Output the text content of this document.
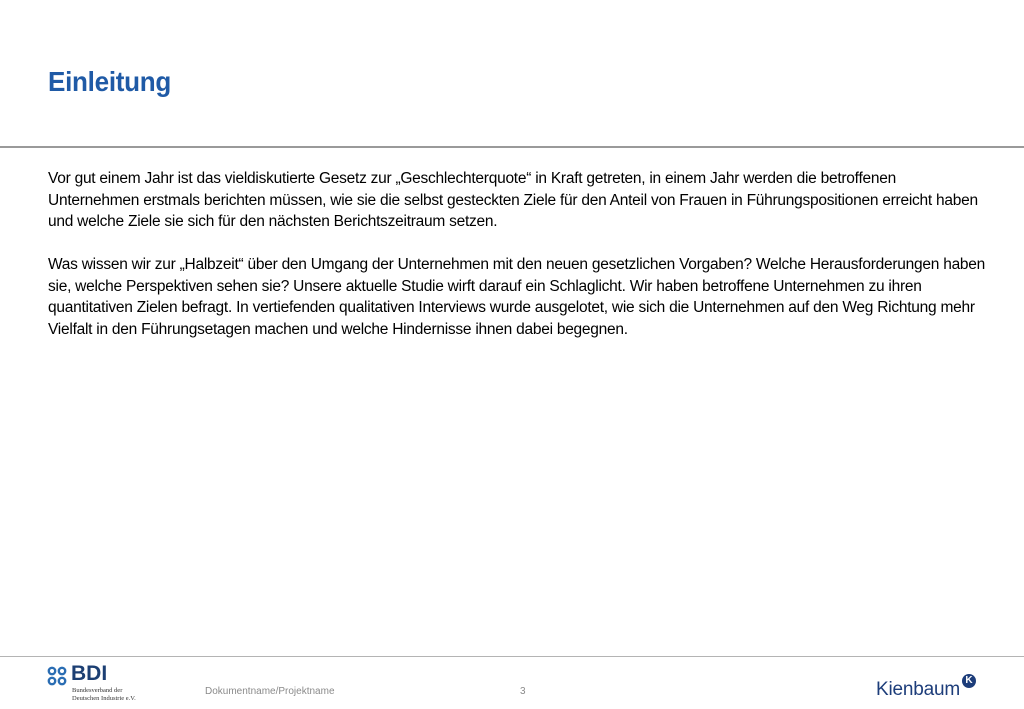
Einleitung

Vor gut einem Jahr ist das vieldiskutierte Gesetz zur „Geschlechterquote“ in Kraft getreten, in einem Jahr werden die betroffenen Unternehmen erstmals berichten müssen, wie sie die selbst gesteckten Ziele für den Anteil von Frauen in Führungspositionen erreicht haben und welche Ziele sie sich für den nächsten Berichtszeitraum setzen.

Was wissen wir zur „Halbzeit“ über den Umgang der Unternehmen mit den neuen gesetzlichen Vorgaben? Welche Herausforderungen haben sie, welche Perspektiven sehen sie? Unsere aktuelle Studie wirft darauf ein Schlaglicht. Wir haben betroffene Unternehmen zu ihren quantitativen Zielen befragt. In vertiefenden qualitativen Interviews wurde ausgelotet, wie sich die Unternehmen auf den Weg Richtung mehr Vielfalt in den Führungsetagen machen und welche Hindernisse ihnen dabei begegnen.

BDI
Bundesverband der
Deutschen Industrie e.V.
Dokumentname/Projektname	3	Kienbaum K
